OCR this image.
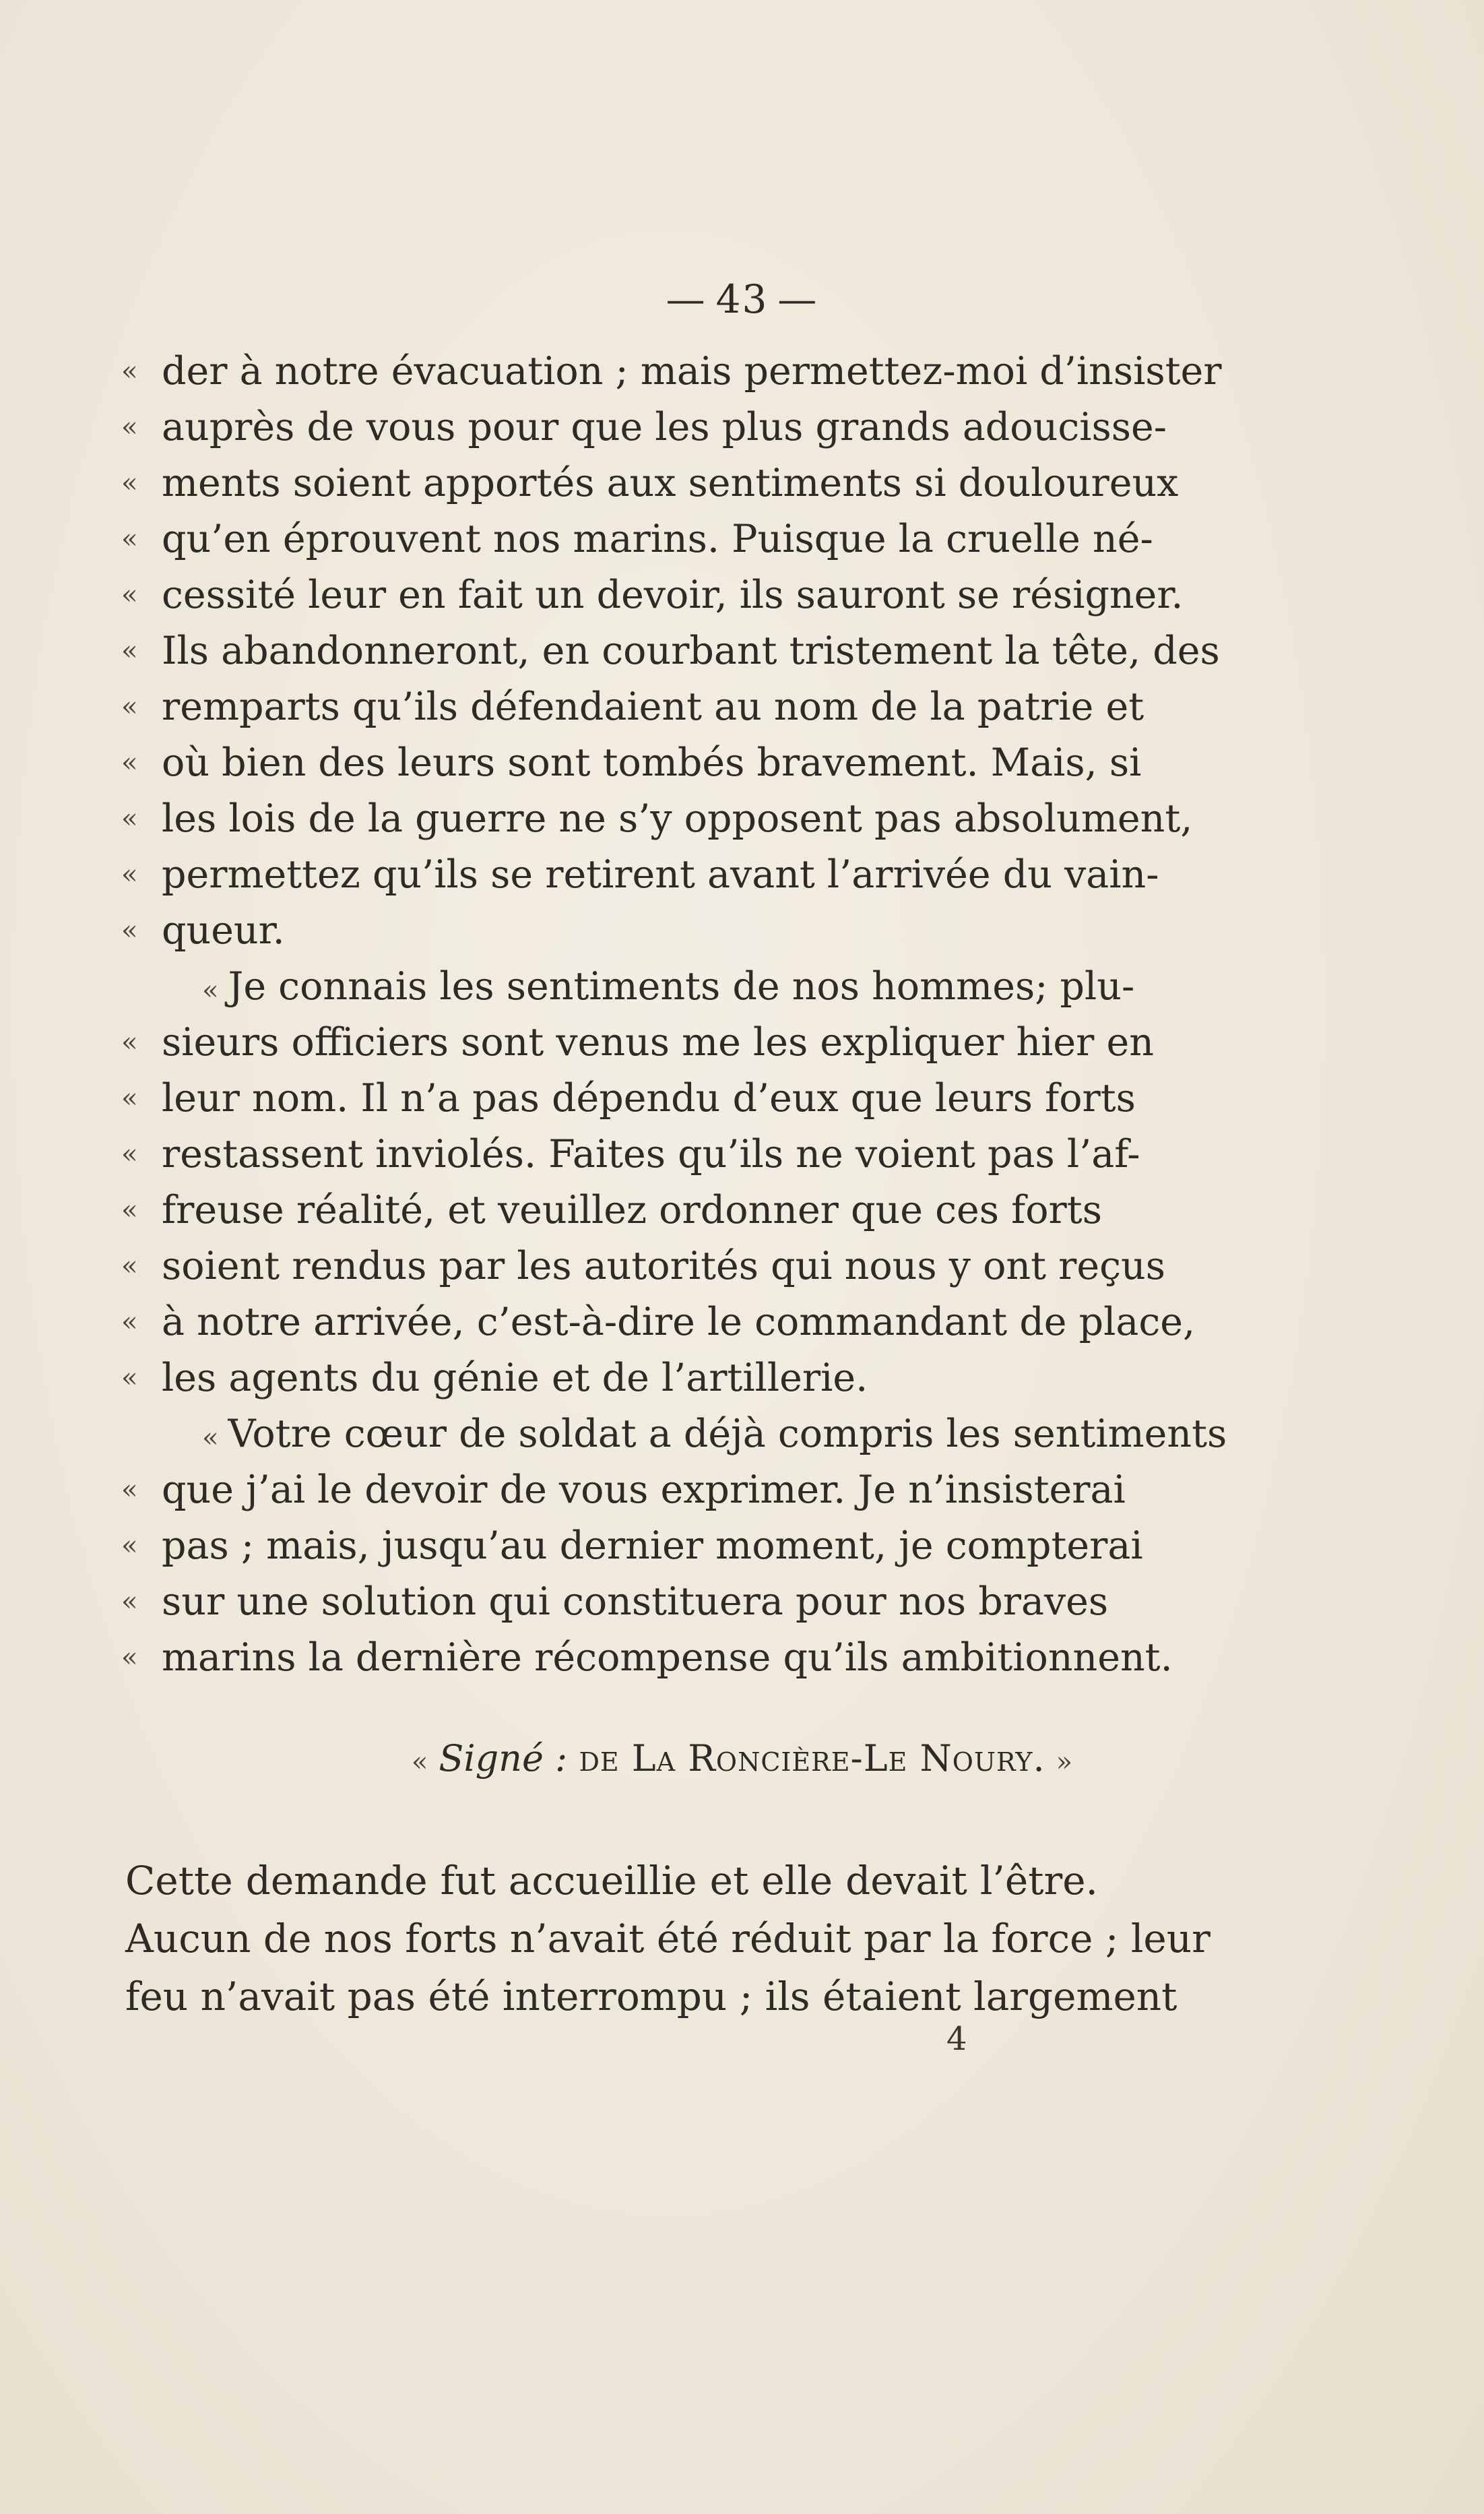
— 43 —
« der à notre évacuation ; mais permettez-moi d’insister
« auprès de vous pour que les plus grands adoucisse-
« ments soient apportés aux sentiments si douloureux
« qu’en éprouvent nos marins. Puisque la cruelle né-
« cessité leur en fait un devoir, ils sauront se résigner.
« Ils abandonneront, en courbant tristement la tête, des
« remparts qu’ils défendaient au nom de la patrie et
« où bien des leurs sont tombés bravement. Mais, si
« les lois de la guerre ne s’y opposent pas absolument,
« permettez qu’ils se retirent avant l’arrivée du vain-
« queur.
« Je connais les sentiments de nos hommes; plu-
« sieurs officiers sont venus me les expliquer hier en
« leur nom. Il n’a pas dépendu d’eux que leurs forts
« restassent inviolés. Faites qu’ils ne voient pas l’af-
« freuse réalité, et veuillez ordonner que ces forts
« soient rendus par les autorités qui nous y ont reçus
« à notre arrivée, c’est-à-dire le commandant de place,
« les agents du génie et de l’artillerie.
« Votre cœur de soldat a déjà compris les sentiments
« que j’ai le devoir de vous exprimer. Je n’insisterai
« pas ; mais, jusqu’au dernier moment, je compterai
« sur une solution qui constituera pour nos braves
« marins la dernière récompense qu’ils ambitionnent.
« Signé : de La Roncière-Le Noury. »
Cette demande fut accueillie et elle devait l’être.
Aucun de nos forts n’avait été réduit par la force ; leur
feu n’avait pas été interrompu ; ils étaient largement
4
